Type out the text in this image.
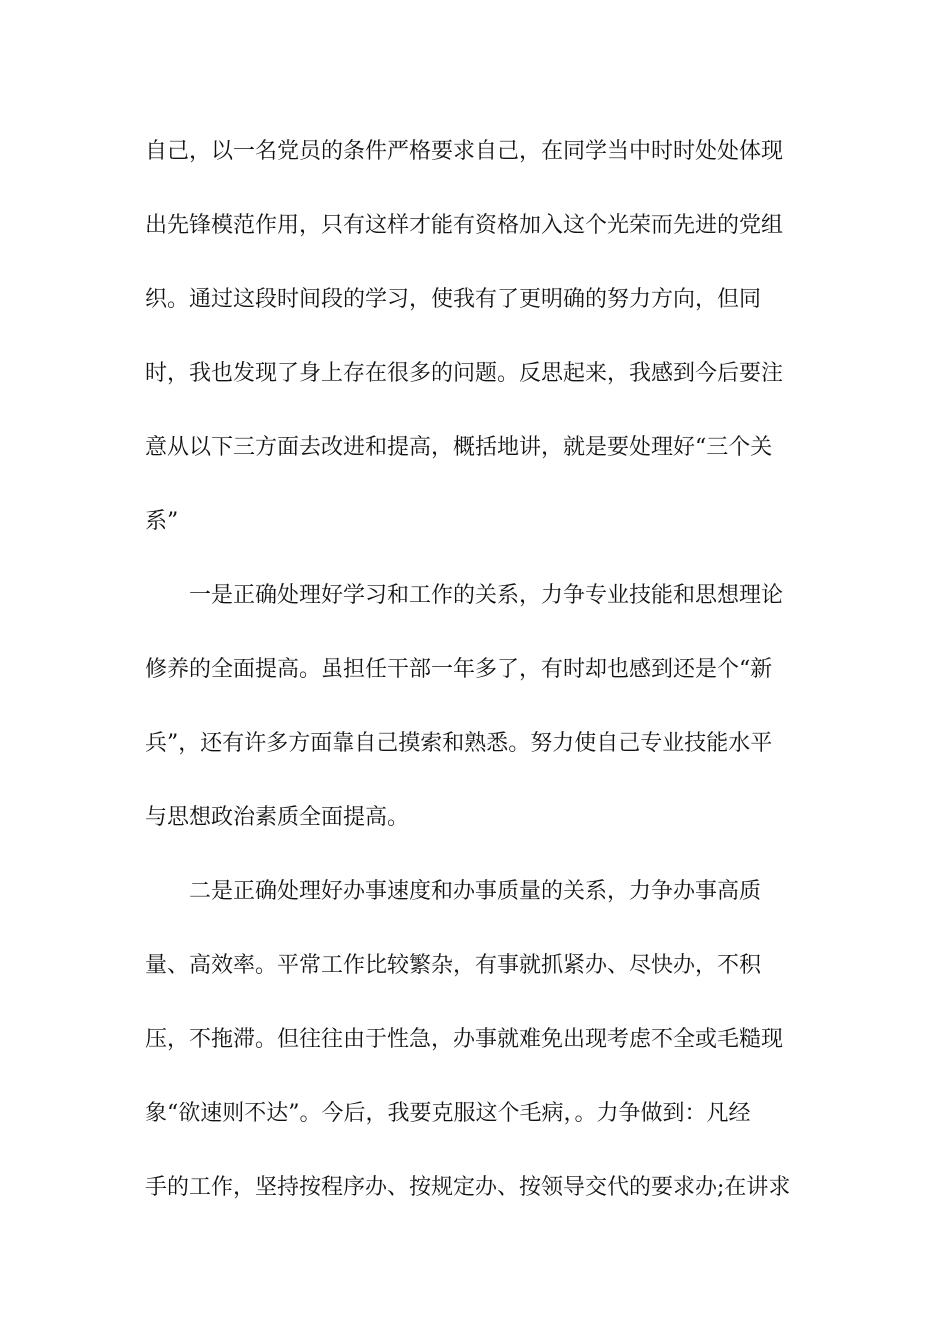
自己，以一名党员的条件严格要求自己，在同学当中时时处处体现
出先锋模范作用，只有这样才能有资格加入这个光荣而先进的党组
织。通过这段时间段的学习，使我有了更明确的努力方向，但同
时，我也发现了身上存在很多的问题。反思起来，我感到今后要注
意从以下三方面去改进和提高，概括地讲，就是要处理好“三个关
系”
一是正确处理好学习和工作的关系，力争专业技能和思想理论
修养的全面提高。虽担任干部一年多了，有时却也感到还是个“新
兵”，还有许多方面靠自己摸索和熟悉。努力使自己专业技能水平
与思想政治素质全面提高。
二是正确处理好办事速度和办事质量的关系，力争办事高质
量、高效率。平常工作比较繁杂，有事就抓紧办、尽快办，不积
压，不拖滞。但往往由于性急，办事就难免出现考虑不全或毛糙现
象“欲速则不达”。今后，我要克服这个毛病，。力争做到：凡经
手的工作，坚持按程序办、按规定办、按领导交代的要求办;在讲求
